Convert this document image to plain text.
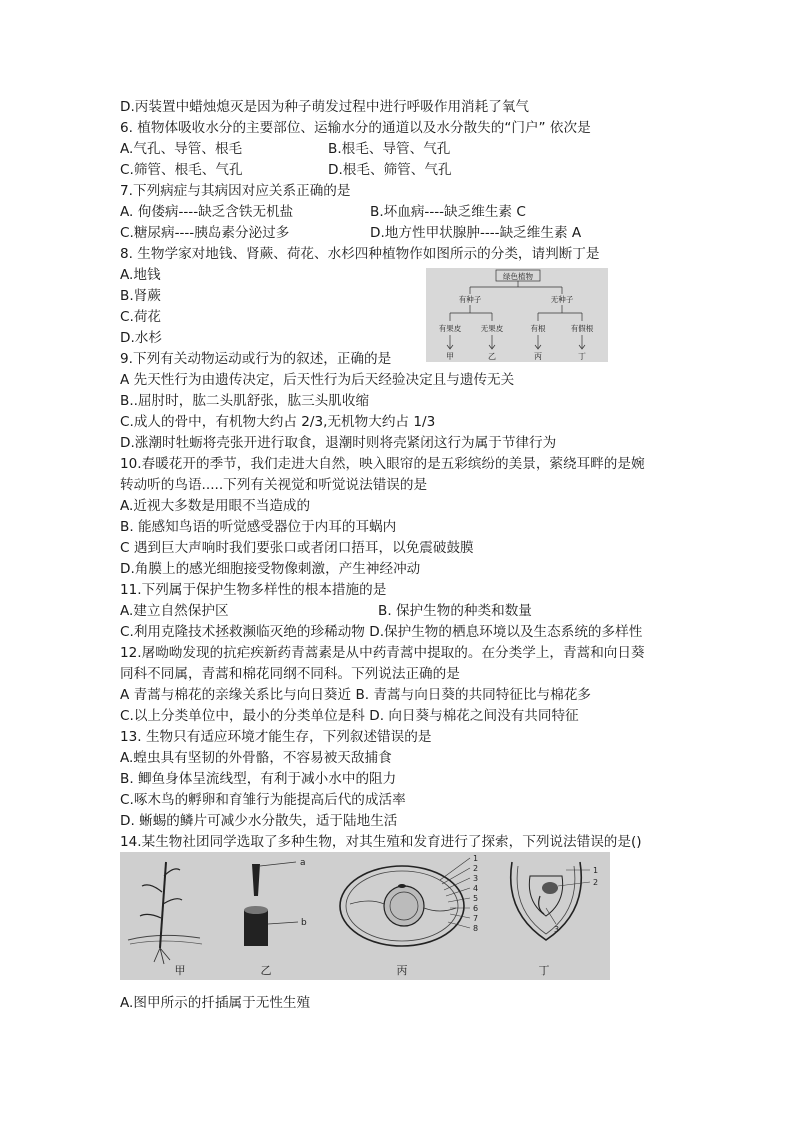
D.丙装置中蜡烛熄灭是因为种子萌发过程中进行呼吸作用消耗了氧气
6. 植物体吸收水分的主要部位、运输水分的通道以及水分散失的“门户” 依次是
A.气孔、导管、根毛	B.根毛、导管、气孔
C.筛管、根毛、气孔	D.根毛、筛管、气孔
7.下列病症与其病因对应关系正确的是
A. 佝偻病----缺乏含铁无机盐	B.坏血病----缺乏维生素 C
C.糖尿病----胰岛素分泌过多	D.地方性甲状腺肿----缺乏维生素 A
8. 生物学家对地钱、肾蕨、荷花、水杉四种植物作如图所示的分类，请判断丁是
A.地钱
B.肾蕨
C.荷花
D.水杉
绿色植物
有种子	无种子
有果皮	无果皮	有根	有假根
甲	乙	丙	丁
9.下列有关动物运动或行为的叙述，正确的是
A 先天性行为由遗传决定，后天性行为后天经验决定且与遗传无关
B..屈肘时，肱二头肌舒张，肱三头肌收缩
C.成人的骨中，有机物大约占 2/3,无机物大约占 1/3
D.涨潮时牡蛎将壳张开进行取食，退潮时则将壳紧闭这行为属于节律行为
10.春暖花开的季节，我们走进大自然，映入眼帘的是五彩缤纷的美景，萦绕耳畔的是婉
转动听的鸟语.....下列有关视觉和听觉说法错误的是
A.近视大多数是用眼不当造成的
B. 能感知鸟语的听觉感受器位于内耳的耳蜗内
C 遇到巨大声响时我们要张口或者闭口捂耳，以免震破鼓膜
D.角膜上的感光细胞接受物像刺激，产生神经冲动
11.下列属于保护生物多样性的根本措施的是
A.建立自然保护区	B. 保护生物的种类和数量
C.利用克隆技术拯救濒临灭绝的珍稀动物 D.保护生物的栖息环境以及生态系统的多样性
12.屠呦呦发现的抗疟疾新药青蒿素是从中药青蒿中提取的。在分类学上，青蒿和向日葵
同科不同属，青蒿和棉花同纲不同科。下列说法正确的是
A 青蒿与棉花的亲缘关系比与向日葵近 B. 青蒿与向日葵的共同特征比与棉花多
C.以上分类单位中，最小的分类单位是科 D. 向日葵与棉花之间没有共同特征
13. 生物只有适应环境才能生存，下列叙述错误的是
A.蝗虫具有坚韧的外骨骼，不容易被天敌捕食
B. 鲫鱼身体呈流线型，有利于减小水中的阻力
C.啄木鸟的孵卵和育雏行为能提高后代的成活率
D. 蜥蜴的鳞片可减少水分散失，适于陆地生活
14.某生物社团同学选取了多种生物，对其生殖和发育进行了探索，下列说法错误的是()
甲
a
b
乙
1
2
3
4
5
6
7
8
丙
1
2
3
丁
A.图甲所示的扦插属于无性生殖
